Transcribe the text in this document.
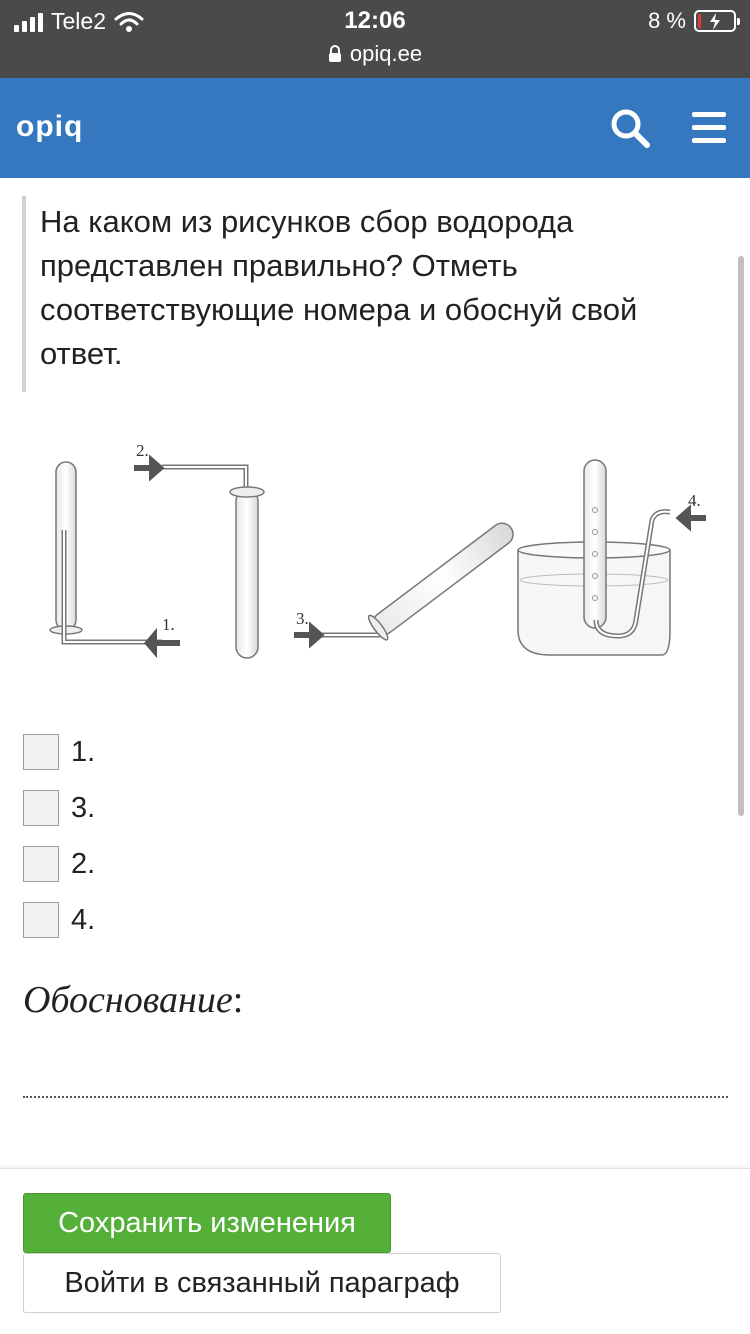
Tele2	12:06
opiq.ee
8 %
opiq
На каком из рисунков сбор водорода представлен правильно? Отметь соответствующие номера и обоснуй свой ответ.
1.
2.
3.
4.
1.
3.
2.
4.
Обоснование:
Сохранить изменения
Войти в связанный параграф
